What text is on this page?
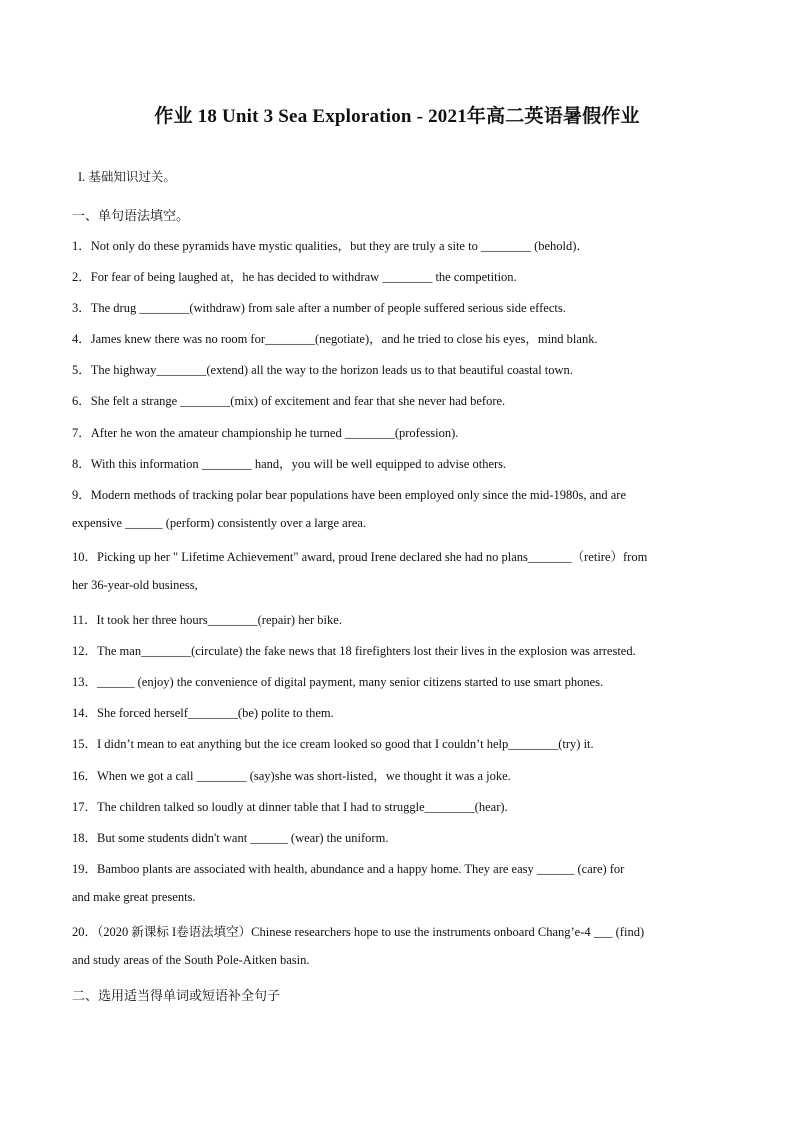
作业 18 Unit 3 Sea Exploration - 2021年高二英语暑假作业
I. 基础知识过关。
一、单句语法填空。
1．Not only do these pyramids have mystic qualities，but they are truly a site to ________ (behold)．
2．For fear of being laughed at，he has decided to withdraw ________ the competition.
3．The drug ________(withdraw) from sale after a number of people suffered serious side effects.
4．James knew there was no room for________(negotiate)，and he tried to close his eyes，mind blank.
5．The highway________(extend) all the way to the horizon leads us to that beautiful coastal town.
6．She felt a strange ________(mix) of excitement and fear that she never had before.
7．After he won the amateur championship he turned ________(profession).
8．With this information ________ hand，you will be well equipped to advise others.
9．Modern methods of tracking polar bear populations have been employed only since the mid-1980s, and are
expensive ______ (perform) consistently over a large area.
10．Picking up her " Lifetime Achievement" award, proud Irene declared she had no plans_______（retire）from
her 36-year-old business,
11．It took her three hours________(repair) her bike.
12．The man________(circulate) the fake news that 18 firefighters lost their lives in the explosion was arrested.
13．______ (enjoy) the convenience of digital payment, many senior citizens started to use smart phones.
14．She forced herself________(be) polite to them.
15．I didn’t mean to eat anything but the ice cream looked so good that I couldn’t help________(try) it.
16．When we got a call ________ (say)she was short-listed，we thought it was a joke.
17．The children talked so loudly at dinner table that I had to struggle________(hear).
18．But some students didn't want ______ (wear) the uniform.
19．Bamboo plants are associated with health, abundance and a happy home. They are easy ______ (care) for
and make great presents.
20．（2020 新课标 I卷语法填空）Chinese researchers hope to use the instruments onboard Chang’e-4 ___ (find)
and study areas of the South Pole-Aitken basin.
二、选用适当得单词或短语补全句子
